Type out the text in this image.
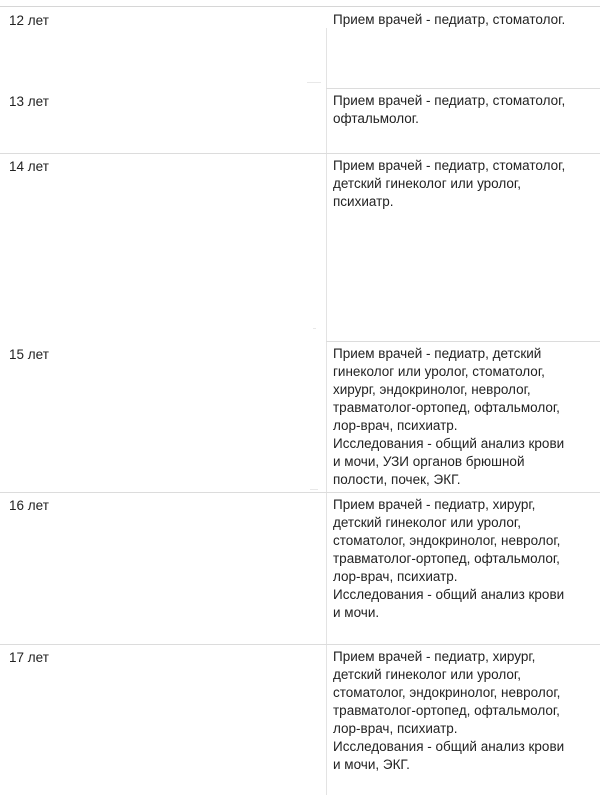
12 лет	Прием врачей - педиатр, стоматолог.
13 лет	Прием врачей - педиатр, стоматолог,
офтальмолог.
14 лет	Прием врачей - педиатр, стоматолог,
детский гинеколог или уролог,
психиатр.
15 лет	Прием врачей - педиатр, детский
гинеколог или уролог, стоматолог,
хирург, эндокринолог, невролог,
травматолог-ортопед, офтальмолог,
лор-врач, психиатр.
Исследования - общий анализ крови
и мочи, УЗИ органов брюшной
полости, почек, ЭКГ.
16 лет	Прием врачей - педиатр, хирург,
детский гинеколог или уролог,
стоматолог, эндокринолог, невролог,
травматолог-ортопед, офтальмолог,
лор-врач, психиатр.
Исследования - общий анализ крови
и мочи.
17 лет	Прием врачей - педиатр, хирург,
детский гинеколог или уролог,
стоматолог, эндокринолог, невролог,
травматолог-ортопед, офтальмолог,
лор-врач, психиатр.
Исследования - общий анализ крови
и мочи, ЭКГ.
